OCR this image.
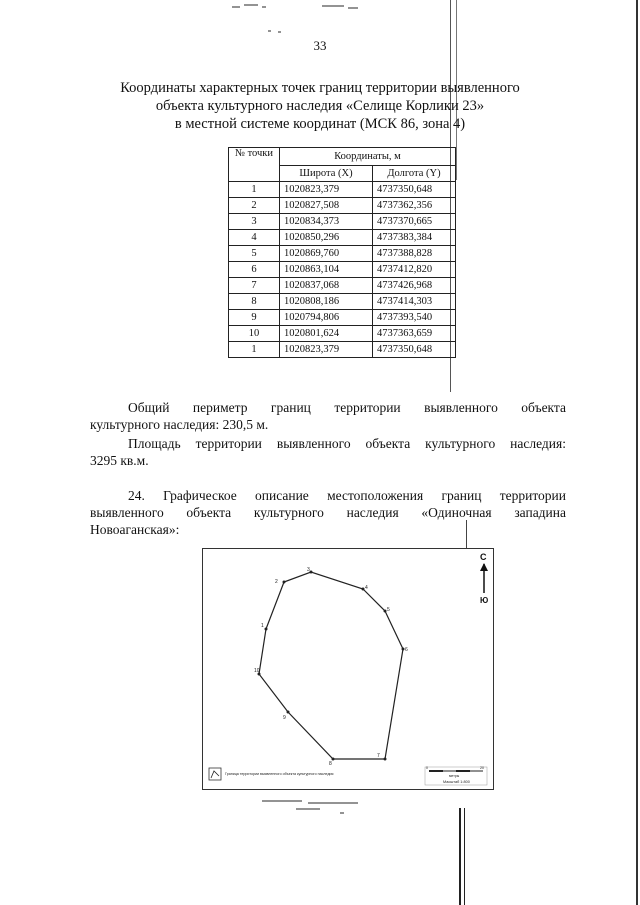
33
Координаты характерных точек границ территории выявленного
объекта культурного наследия «Селище Корлики 23»
в местной системе координат (МСК 86, зона 4)
№ точки	Координаты, м	
	Широта (X)	Долгота (Y)
1	1020823,379	4737350,648
2	1020827,508	4737362,356
3	1020834,373	4737370,665
4	1020850,296	4737383,384
5	1020869,760	4737388,828
6	1020863,104	4737412,820
7	1020837,068	4737426,968
8	1020808,186	4737414,303
9	1020794,806	4737393,540
10	1020801,624	4737363,659
1	1020823,379	4737350,648
Общий периметр границ территории выявленного объекта
культурного наследия: 230,5 м.
Площадь территории выявленного объекта культурного наследия:
3295 кв.м.
24. Графическое описание местоположения границ территории
выявленного объекта культурного наследия «Одиночная западина
Новоаганская»:
1
2
3
4
5
6
7
8
9
10
С
Ю
Граница территории выявленного объекта культурного наследия
0	20
метры
Масштаб 1:800
